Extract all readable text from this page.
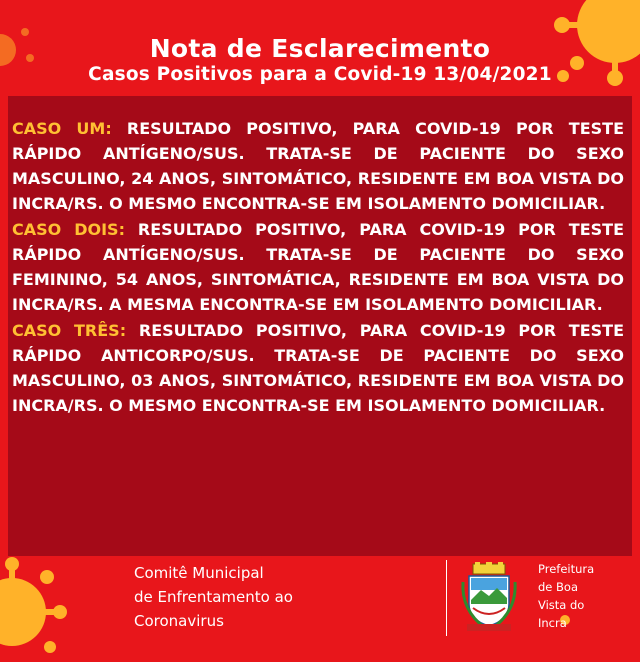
Nota de Esclarecimento
Casos Positivos para a Covid-19 13/04/2021

CASO UM: RESULTADO POSITIVO, PARA COVID-19 POR TESTE RÁPIDO ANTÍGENO/SUS. TRATA-SE DE PACIENTE DO SEXO MASCULINO, 24 ANOS, SINTOMÁTICO, RESIDENTE EM BOA VISTA DO INCRA/RS. O MESMO ENCONTRA-SE EM ISOLAMENTO DOMICILIAR.

CASO DOIS: RESULTADO POSITIVO, PARA COVID-19 POR TESTE RÁPIDO ANTÍGENO/SUS. TRATA-SE DE PACIENTE DO SEXO FEMININO, 54 ANOS, SINTOMÁTICA, RESIDENTE EM BOA VISTA DO INCRA/RS. A MESMA ENCONTRA-SE EM ISOLAMENTO DOMICILIAR.

CASO TRÊS: RESULTADO POSITIVO, PARA COVID-19 POR TESTE RÁPIDO ANTICORPO/SUS. TRATA-SE DE PACIENTE DO SEXO MASCULINO, 03 ANOS, SINTOMÁTICO, RESIDENTE EM BOA VISTA DO INCRA/RS. O MESMO ENCONTRA-SE EM ISOLAMENTO DOMICILIAR.

Comitê Municipal
de Enfrentamento ao
Coronavirus
Prefeitura
de Boa
Vista do
Incra
